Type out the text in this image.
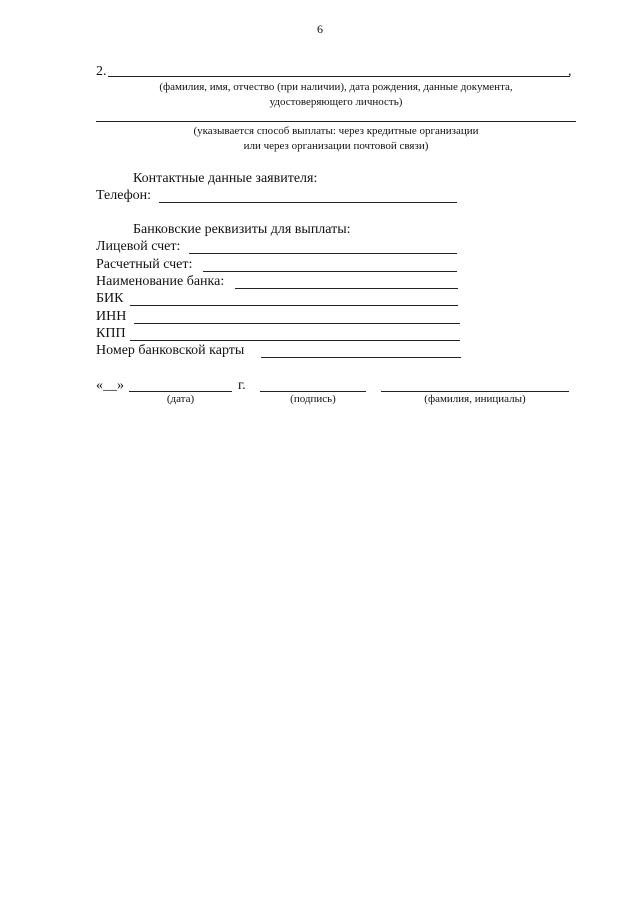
6
2.	,
(фамилия, имя, отчество (при наличии), дата рождения, данные документа,
удостоверяющего личность)
(указывается способ выплаты: через кредитные организации
или через организации почтовой связи)
Контактные данные заявителя:
Телефон:
Банковские реквизиты для выплаты:
Лицевой счет:
Расчетный счет:
Наименование банка:
БИК
ИНН
КПП
Номер банковской карты
«__»	г.
(дата)	(подпись)	(фамилия, инициалы)
